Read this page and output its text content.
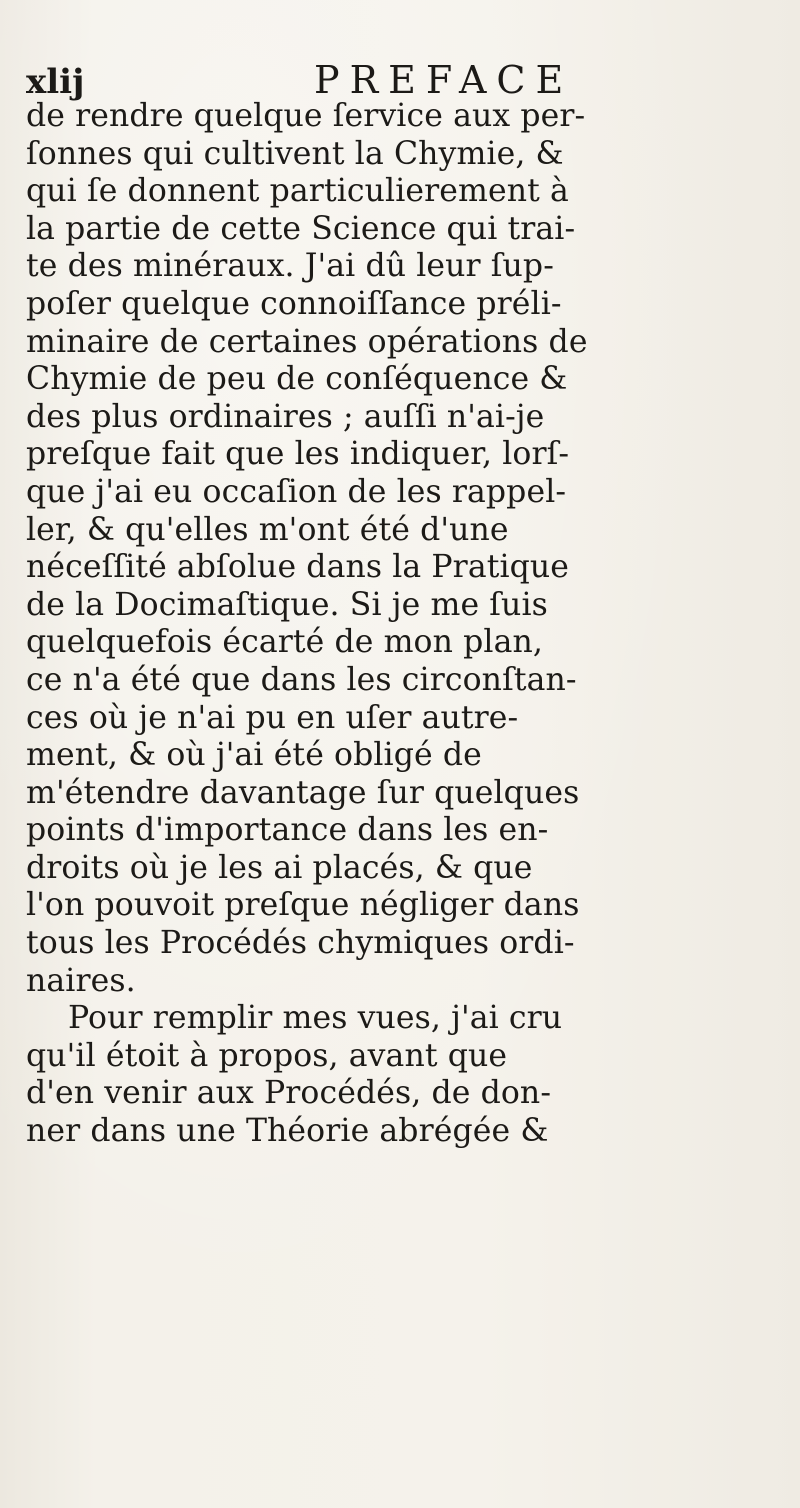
xlij	PREFACE
de rendre quelque ſervice aux per-
ſonnes qui cultivent la Chymie, &
qui ſe donnent particulierement à
la partie de cette Science qui trai-
te des minéraux. J'ai dû leur ſup-
poſer quelque connoiſſance préli-
minaire de certaines opérations de
Chymie de peu de conſéquence &
des plus ordinaires ; auſſi n'ai-je
preſque fait que les indiquer, lorſ-
que j'ai eu occaſion de les rappel-
ler, & qu'elles m'ont été d'une
néceſſité abſolue dans la Pratique
de la Docimaſtique. Si je me ſuis
quelquefois écarté de mon plan,
ce n'a été que dans les circonſtan-
ces où je n'ai pu en uſer autre-
ment, & où j'ai été obligé de
m'étendre davantage ſur quelques
points d'importance dans les en-
droits où je les ai placés, & que
l'on pouvoit preſque négliger dans
tous les Procédés chymiques ordi-
naires.
Pour remplir mes vues, j'ai cru
qu'il étoit à propos, avant que
d'en venir aux Procédés, de don-
ner dans une Théorie abrégée &
